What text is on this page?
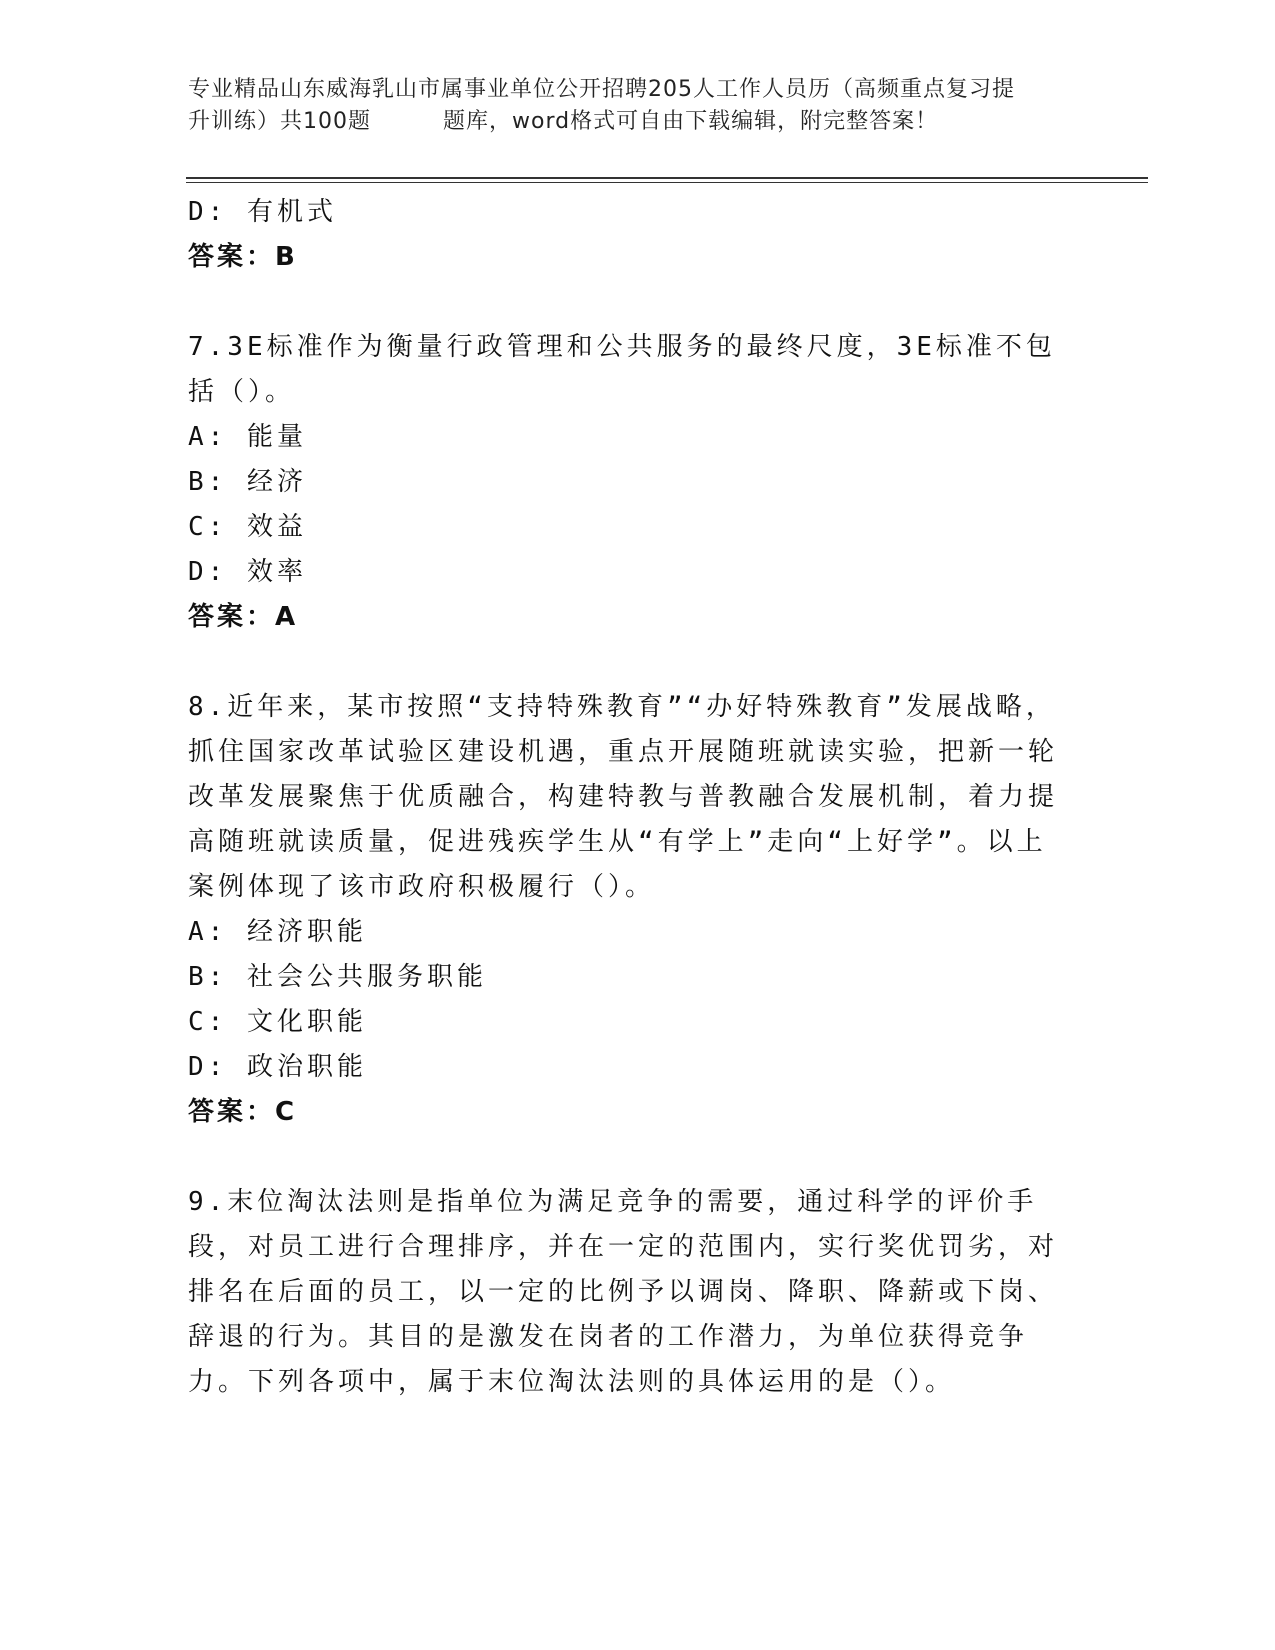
专业精品山东威海乳山市属事业单位公开招聘205人工作人员历（高频重点复习提
升训练）共100题	题库，word格式可自由下载编辑，附完整答案！

D: 有机式

答案：B

7.3E标准作为衡量行政管理和公共服务的最终尺度，3E标准不包括（）。

A: 能量

B: 经济

C: 效益

D: 效率

答案：A

8.近年来，某市按照“支持特殊教育”“办好特殊教育”发展战略，抓住国家改革试验区建设机遇，重点开展随班就读实验，把新一轮改革发展聚焦于优质融合，构建特教与普教融合发展机制，着力提高随班就读质量，促进残疾学生从“有学上”走向“上好学”。以上案例体现了该市政府积极履行（）。

A: 经济职能

B: 社会公共服务职能

C: 文化职能

D: 政治职能

答案：C

9.末位淘汰法则是指单位为满足竞争的需要，通过科学的评价手段，对员工进行合理排序，并在一定的范围内，实行奖优罚劣，对排名在后面的员工，以一定的比例予以调岗、降职、降薪或下岗、辞退的行为。其目的是激发在岗者的工作潜力，为单位获得竞争力。下列各项中，属于末位淘汰法则的具体运用的是（）。
